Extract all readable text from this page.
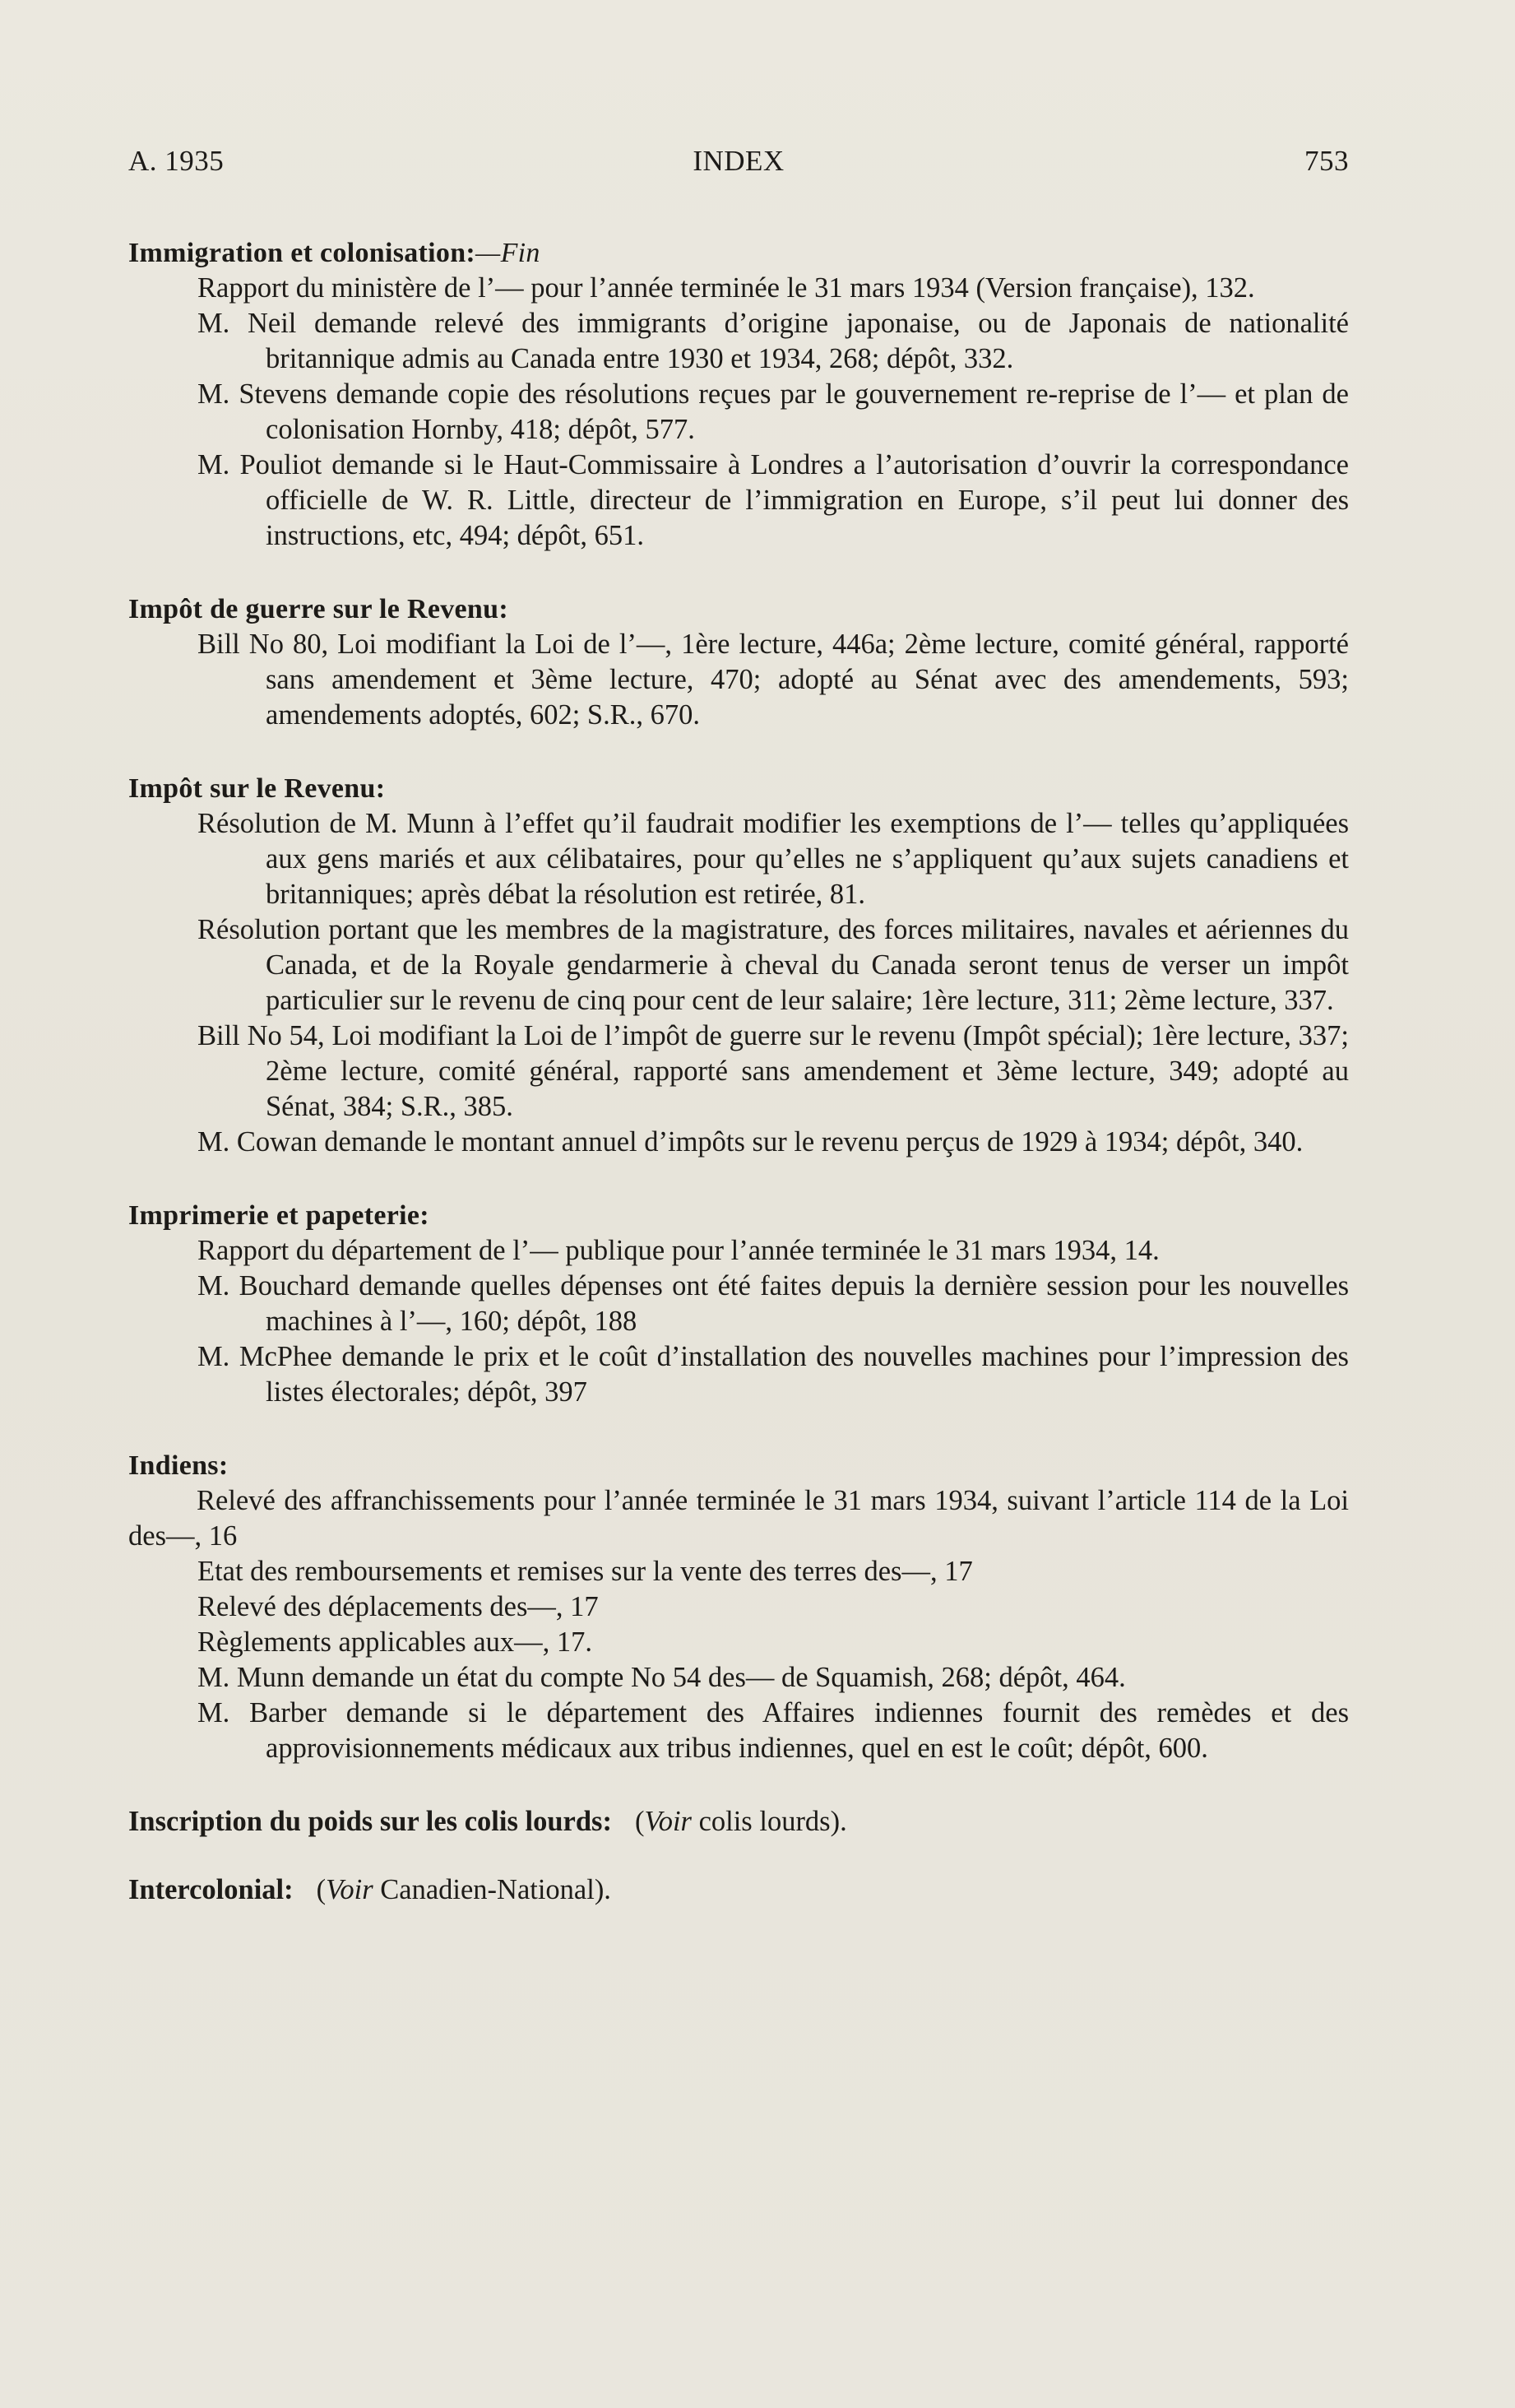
A. 1935	INDEX	753
Immigration et colonisation:—Fin
Rapport du ministère de l’— pour l’année terminée le 31 mars 1934 (Version française), 132.
M. Neil demande relevé des immigrants d’origine japonaise, ou de Japonais de nationalité britannique admis au Canada entre 1930 et 1934, 268; dépôt, 332.
M. Stevens demande copie des résolutions reçues par le gouvernement re-reprise de l’— et plan de colonisation Hornby, 418; dépôt, 577.
M. Pouliot demande si le Haut-Commissaire à Londres a l’autorisation d’ouvrir la correspondance officielle de W. R. Little, directeur de l’immigration en Europe, s’il peut lui donner des instructions, etc, 494; dépôt, 651.
Impôt de guerre sur le Revenu:
Bill No 80, Loi modifiant la Loi de l’—, 1ère lecture, 446a; 2ème lecture, comité général, rapporté sans amendement et 3ème lecture, 470; adopté au Sénat avec des amendements, 593; amendements adoptés, 602; S.R., 670.
Impôt sur le Revenu:
Résolution de M. Munn à l’effet qu’il faudrait modifier les exemptions de l’— telles qu’appliquées aux gens mariés et aux célibataires, pour qu’elles ne s’appliquent qu’aux sujets canadiens et britanniques; après débat la résolution est retirée, 81.
Résolution portant que les membres de la magistrature, des forces militaires, navales et aériennes du Canada, et de la Royale gendarmerie à cheval du Canada seront tenus de verser un impôt particulier sur le revenu de cinq pour cent de leur salaire; 1ère lecture, 311; 2ème lecture, 337.
Bill No 54, Loi modifiant la Loi de l’impôt de guerre sur le revenu (Impôt spécial); 1ère lecture, 337; 2ème lecture, comité général, rapporté sans amendement et 3ème lecture, 349; adopté au Sénat, 384; S.R., 385.
M. Cowan demande le montant annuel d’impôts sur le revenu perçus de 1929 à 1934; dépôt, 340.
Imprimerie et papeterie:
Rapport du département de l’— publique pour l’année terminée le 31 mars 1934, 14.
M. Bouchard demande quelles dépenses ont été faites depuis la dernière session pour les nouvelles machines à l’—, 160; dépôt, 188
M. McPhee demande le prix et le coût d’installation des nouvelles machines pour l’impression des listes électorales; dépôt, 397
Indiens:
Relevé des affranchissements pour l’année terminée le 31 mars 1934, suivant l’article 114 de la Loi des—, 16
Etat des remboursements et remises sur la vente des terres des—, 17
Relevé des déplacements des—, 17
Règlements applicables aux—, 17.
M. Munn demande un état du compte No 54 des— de Squamish, 268; dépôt, 464.
M. Barber demande si le département des Affaires indiennes fournit des remèdes et des approvisionnements médicaux aux tribus indiennes, quel en est le coût; dépôt, 600.
Inscription du poids sur les colis lourds: (Voir colis lourds).
Intercolonial: (Voir Canadien-National).
